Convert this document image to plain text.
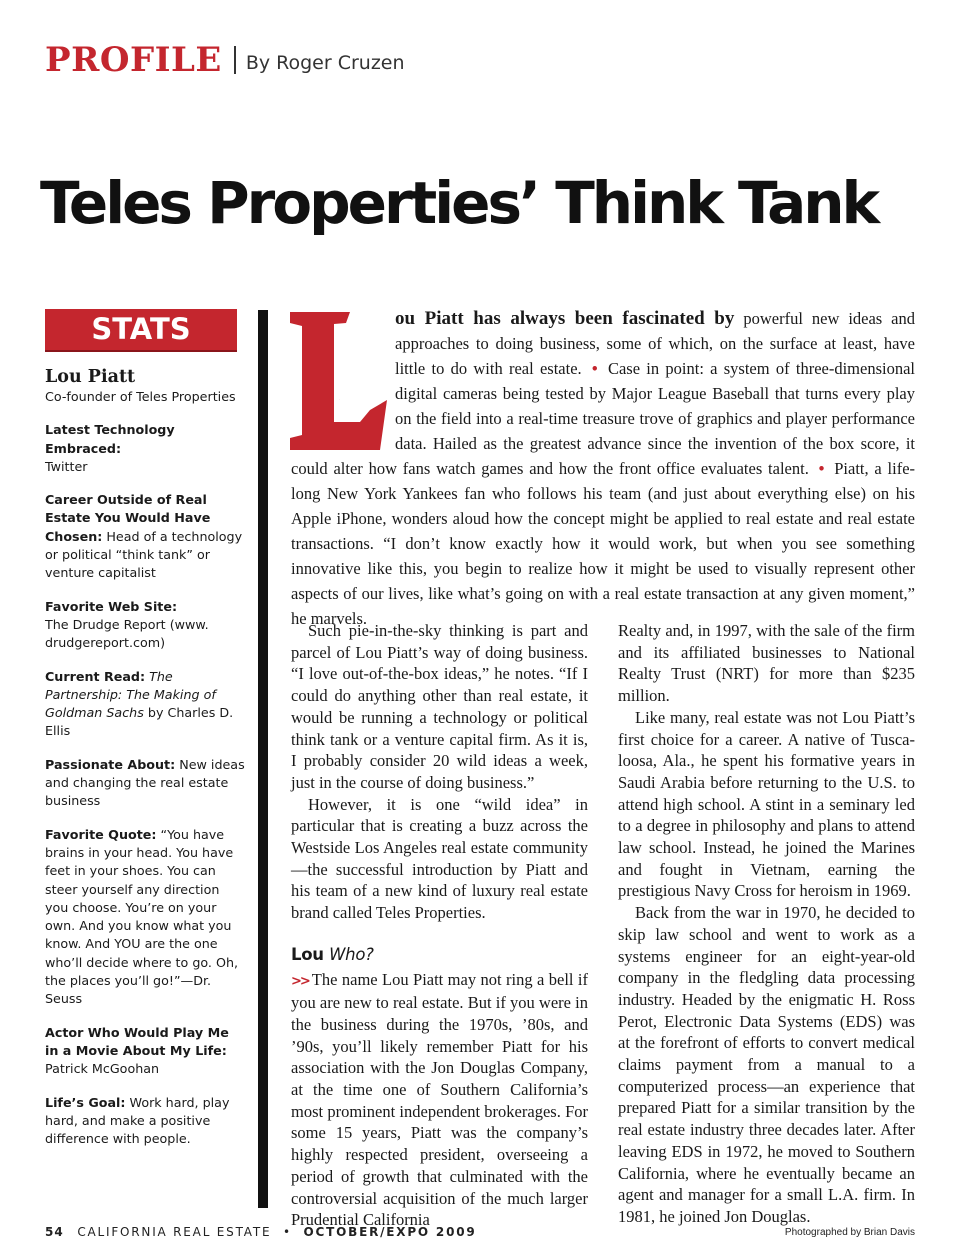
PROFILE By Roger Cruzen
Teles Properties’ Think Tank
STATS
Lou Piatt
Co-founder of Teles Properties
Latest Technology Embraced:
Twitter
Career Outside of Real Estate You Would Have Chosen: Head of a technology or political “think tank” or venture capitalist
Favorite Web Site:
The Drudge Report (www. drudgereport.com)
Current Read: The Partnership: The Making of Goldman Sachs by Charles D. Ellis
Passionate About: New ideas and changing the real estate business
Favorite Quote: “You have brains in your head. You have feet in your shoes. You can steer yourself any direction you choose. You’re on your own. And you know what you know. And YOU are the one who’ll decide where to go. Oh, the places you’ll go!”—Dr. Seuss
Actor Who Would Play Me in a Movie About My Life:
Patrick McGoohan
Life’s Goal: Work hard, play hard, and make a positive difference with people.
L
ou Piatt has always been fascinated by powerful new ideas and approaches to doing business, some of which, on the surface at least, have little to do with real estate. • Case in point: a system of three-dimensional digital cameras being tested by Major League Baseball that turns every play on the field into a real-time treasure trove of graphics and player performance data. Hailed as the greatest advance since the invention of the box score, it could alter how fans watch games and how the front office evaluates talent. • Piatt, a life-long New York Yankees fan who follows his team (and just about everything else) on his Apple iPhone, wonders aloud how the concept might be applied to real estate and real estate transactions. “I don’t know exactly how it would work, but when you see something innovative like this, you begin to realize how it might be used to visually represent other aspects of our lives, like what’s going on with a real estate transaction at any given moment,” he marvels.

Such pie-in-the-sky thinking is part and parcel of Lou Piatt’s way of doing business. “I love out-of-the-box ideas,” he notes. “If I could do anything other than real estate, it would be running a technology or political think tank or a venture capital firm. As it is, I probably consider 20 wild ideas a week, just in the course of doing business.”

However, it is one “wild idea” in particular that is creating a buzz across the Westside Los Angeles real estate community—the successful introduction by Piatt and his team of a new kind of luxury real estate brand called Teles Properties.

Lou Who?

>> The name Lou Piatt may not ring a bell if you are new to real estate. But if you were in the business during the 1970s, ’80s, and ’90s, you’ll likely remember Piatt for his association with the Jon Douglas Company, at the time one of Southern California’s most prominent independent brokerages. For some 15 years, Piatt was the company’s highly respected president, overseeing a period of growth that culminated with the controversial acquisition of the much larger Prudential California

Realty and, in 1997, with the sale of the firm and its affiliated businesses to National Realty Trust (NRT) for more than $235 million.

Like many, real estate was not Lou Piatt’s first choice for a career. A native of Tusca- loosa, Ala., he spent his formative years in Saudi Arabia before returning to the U.S. to attend high school. A stint in a seminary led to a degree in philosophy and plans to attend law school. Instead, he joined the Marines and fought in Vietnam, earning the prestigious Navy Cross for heroism in 1969.

Back from the war in 1970, he decided to skip law school and went to work as a systems engineer for an eight-year-old company in the fledgling data processing industry. Headed by the enigmatic H. Ross Perot, Electronic Data Systems (EDS) was at the forefront of efforts to convert medical claims payment from a manual to a computerized process—an experience that prepared Piatt for a similar transition by the real estate industry three decades later. After leaving EDS in 1972, he moved to Southern California, where he eventually became an agent and manager for a small L.A. firm. In 1981, he joined Jon Douglas.

54 CALIFORNIA REAL ESTATE • OCTOBER/EXPO 2009	Photographed by Brian Davis
